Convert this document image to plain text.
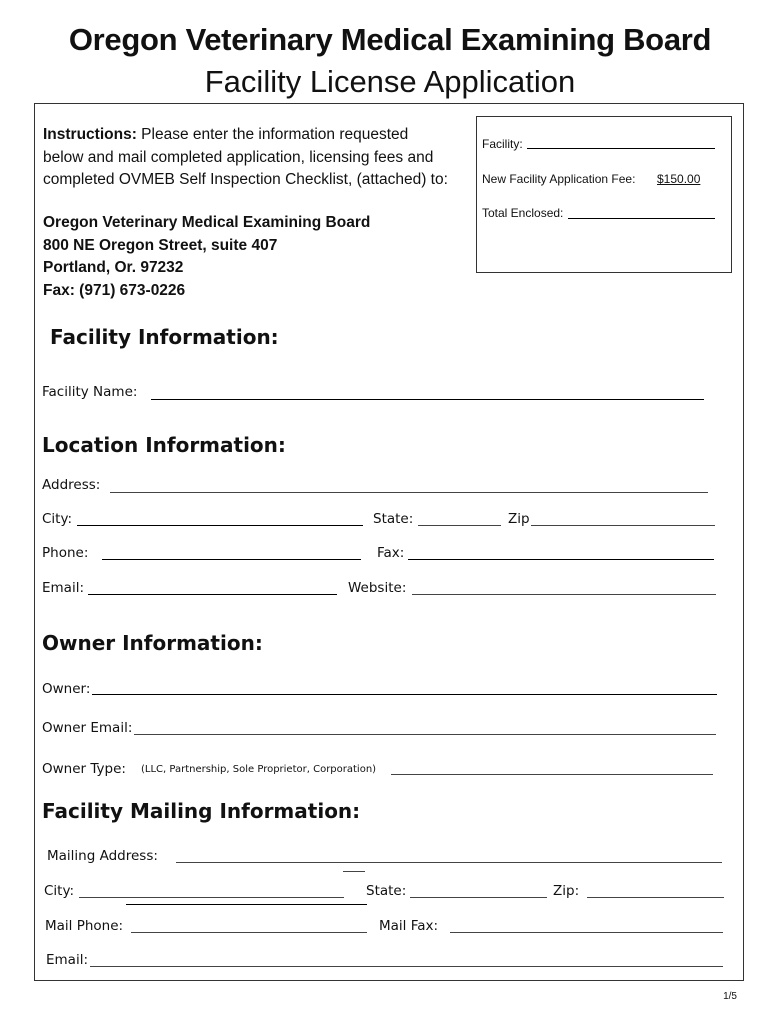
Oregon Veterinary Medical Examining Board
Facility License Application
Instructions: Please enter the information requested
below and mail completed application, licensing fees and
completed OVMEB Self Inspection Checklist, (attached) to:
Oregon Veterinary Medical Examining Board
800 NE Oregon Street, suite 407
Portland, Or. 97232
Fax: (971) 673-0226
Facility:
New Facility Application Fee: $150.00
Total Enclosed:
Facility Information:
Facility Name:
Location Information:
Address:
City:	State:	Zip
Phone:	Fax:
Email:	Website:
Owner Information:
Owner:
Owner Email:
Owner Type: (LLC, Partnership, Sole Proprietor, Corporation)
Facility Mailing Information:
Mailing Address:
City:	State:	Zip:
Mail Phone:	Mail Fax:
Email:
1/5
